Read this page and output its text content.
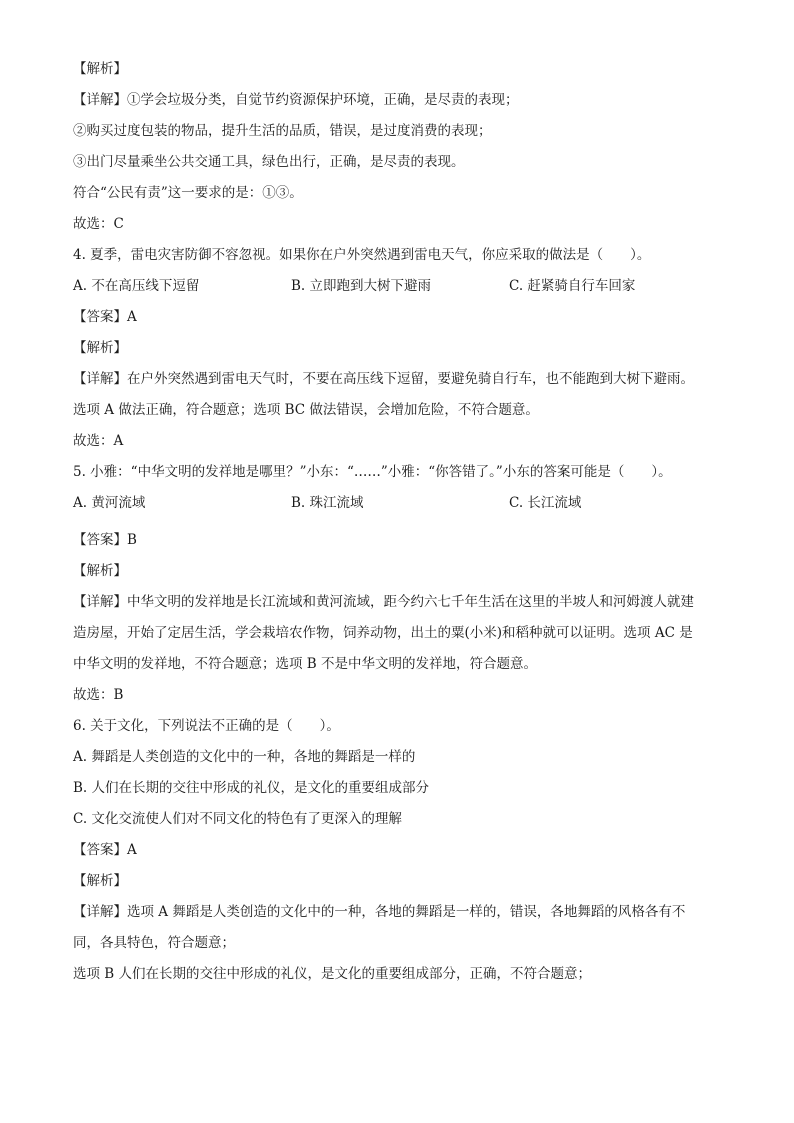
【解析】

【详解】①学会垃圾分类，自觉节约资源保护环境，正确，是尽责的表现；

②购买过度包装的物品，提升生活的品质，错误，是过度消费的表现；

③出门尽量乘坐公共交通工具，绿色出行，正确，是尽责的表现。

符合“公民有责”这一要求的是：①③。

故选：C

4. 夏季，雷电灾害防御不容忽视。如果你在户外突然遇到雷电天气，你应采取的做法是（　　）。

A. 不在高压线下逗留	B. 立即跑到大树下避雨	C. 赶紧骑自行车回家

【答案】A

【解析】

【详解】在户外突然遇到雷电天气时，不要在高压线下逗留，要避免骑自行车，也不能跑到大树下避雨。

选项 A 做法正确，符合题意；选项 BC 做法错误，会增加危险，不符合题意。

故选：A

5. 小雅：“中华文明的发祥地是哪里？”小东：“……”小雅：“你答错了。”小东的答案可能是（　　）。

A. 黄河流域	B. 珠江流域	C. 长江流域

【答案】B

【解析】

【详解】中华文明的发祥地是长江流域和黄河流域，距今约六七千年生活在这里的半坡人和河姆渡人就建

造房屋，开始了定居生活，学会栽培农作物，饲养动物，出土的粟(小米)和稻种就可以证明。选项 AC 是

中华文明的发祥地，不符合题意；选项 B 不是中华文明的发祥地，符合题意。

故选：B

6. 关于文化，下列说法不正确的是（　　）。

A. 舞蹈是人类创造的文化中的一种，各地的舞蹈是一样的

B. 人们在长期的交往中形成的礼仪，是文化的重要组成部分

C. 文化交流使人们对不同文化的特色有了更深入的理解

【答案】A

【解析】

【详解】选项 A 舞蹈是人类创造的文化中的一种，各地的舞蹈是一样的，错误，各地舞蹈的风格各有不

同，各具特色，符合题意；

选项 B 人们在长期的交往中形成的礼仪，是文化的重要组成部分，正确，不符合题意；
